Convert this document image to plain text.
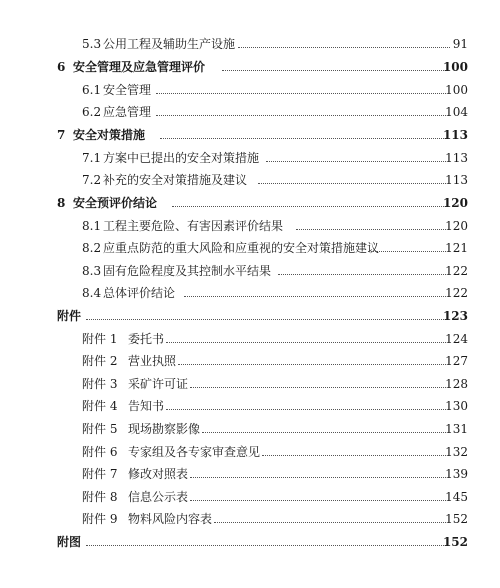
5.3 公用工程及辅助生产设施	91
6 安全管理及应急管理评价	100
6.1 安全管理	100
6.2 应急管理	104
7 安全对策措施	113
7.1 方案中已提出的安全对策措施	113
7.2 补充的安全对策措施及建议	113
8 安全预评价结论	120
8.1 工程主要危险、有害因素评价结果	120
8.2 应重点防范的重大风险和应重视的安全对策措施建议	121
8.3 固有危险程度及其控制水平结果	122
8.4 总体评价结论	122
附件	123
附件 1 委托书	124
附件 2 营业执照	127
附件 3 采矿许可证	128
附件 4 告知书	130
附件 5 现场勘察影像	131
附件 6 专家组及各专家审查意见	132
附件 7 修改对照表	139
附件 8 信息公示表	145
附件 9 物料风险内容表	152
附图	152
